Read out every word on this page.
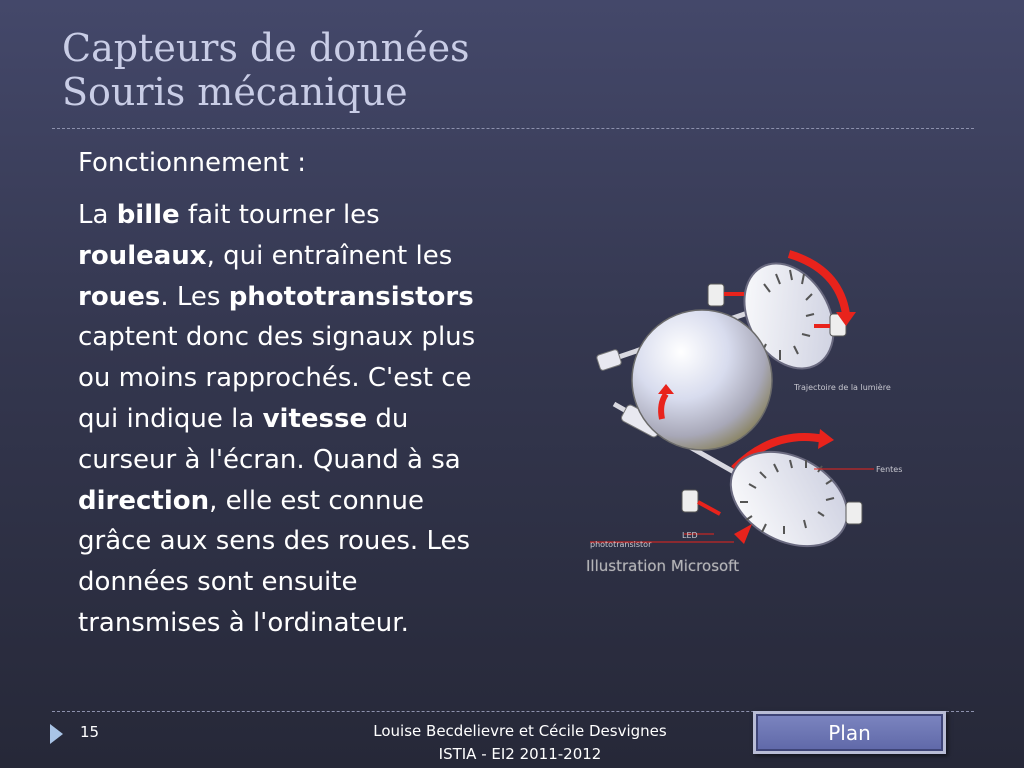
Capteurs de données
Souris mécanique
Fonctionnement :
La bille fait tourner les rouleaux, qui entraînent les roues. Les phototransistors captent donc des signaux plus ou moins rapprochés. C'est ce qui indique la vitesse du curseur à l'écran. Quand à sa direction, elle est connue grâce aux sens des roues. Les données sont ensuite transmises à l'ordinateur.
Trajectoire de la lumière
Fentes
LED
phototransistor
Illustration Microsoft
15	Louise Becdelievre et Cécile Desvignes
ISTIA - EI2 2011-2012
Plan
